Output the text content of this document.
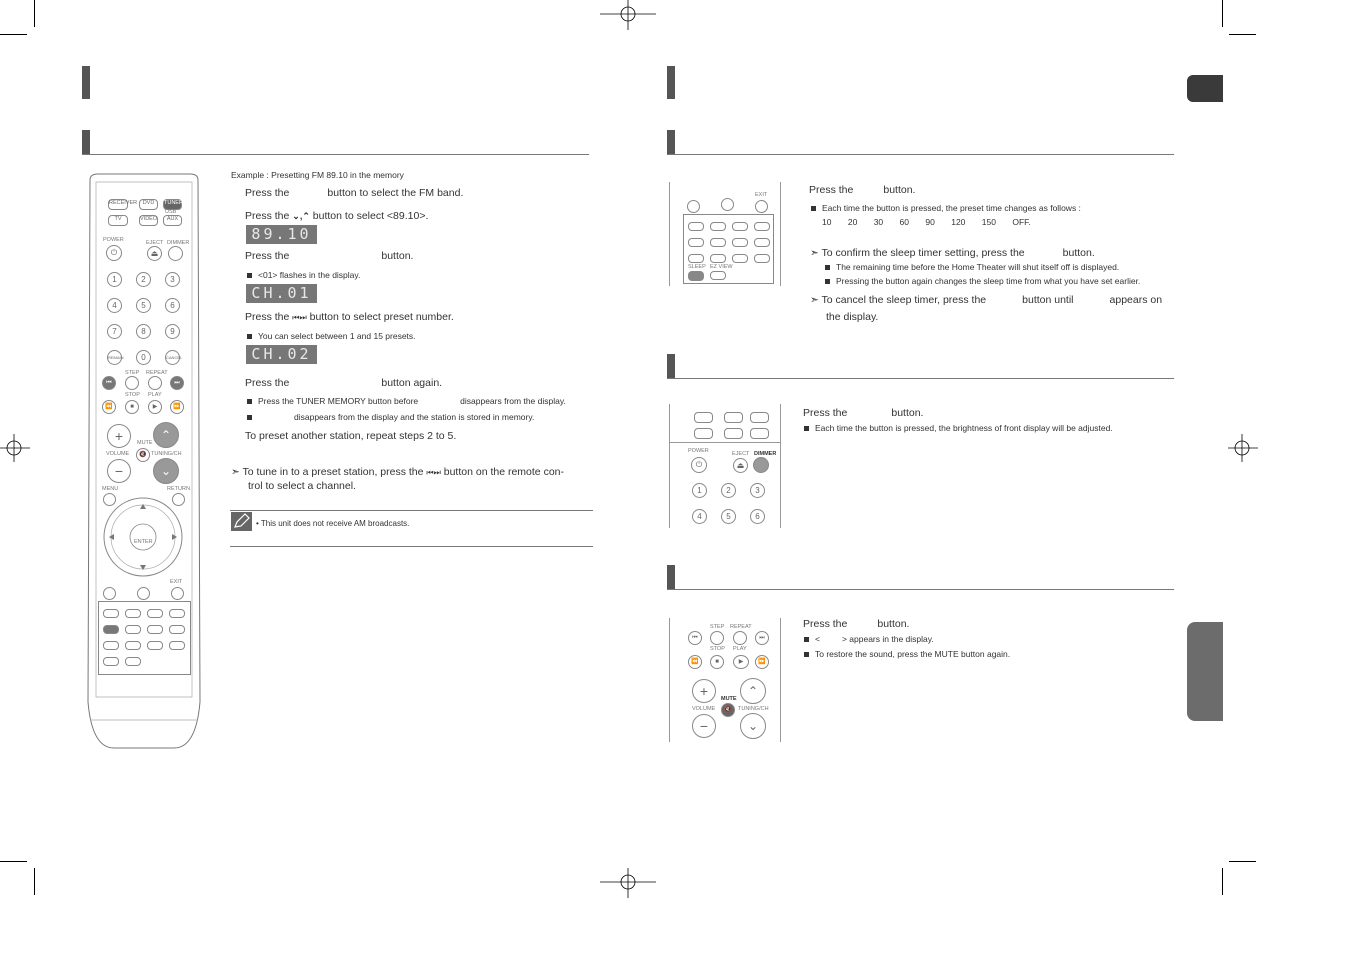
RECEIVER	DVD	TUNER
USB
TV	VIDEO	AUX
POWER	EJECT DIMMER
⏻	⏏
1	2	3
4	5	6
7	8	9
REMAIN	0	CANCEL
STEP REPEAT
⏮	⏭
STOP PLAY
⏪	■	▶	⏩
+	⌃
MUTE
🔇
VOLUME	TUNING/CH
−	⌄
MENU	RETURN
ENTER
EXIT
Example : Presetting FM 89.10 in the memory
Press the	button to select the FM band.
Press the ⌄,⌃ button to select <89.10>.
89.10
Press the	button.
<01> flashes in the display.
CH.01
Press the ⏮⏭ button to select preset number.
You can select between 1 and 15 presets.
CH.02
Press the	button again.
Press the TUNER MEMORY button before	disappears from the display.
disappears from the display and the station is stored in memory.
To preset another station, repeat steps 2 to 5.
➣ To tune in to a preset station, press the ⏮⏭ button on the remote con-
trol to select a channel.
• This unit does not receive AM broadcasts.
EXIT
SLEEP EZ VIEW
Press the	button.
Each time the button is pressed, the preset time changes as follows :
10 20 30 60 90 120 150 OFF.
➣ To confirm the sleep timer setting, press the	button.
The remaining time before the Home Theater will shut itself off is displayed.
Pressing the button again changes the sleep time from what you have set earlier.
➣ To cancel the sleep timer, press the	button until	appears on
the display.
POWER	EJECT DIMMER
⏻	⏏
1	2	3
4	5	6
Press the	button.
Each time the button is pressed, the brightness of front display will be adjusted.
STEP REPEAT
⏮	⏭
STOP PLAY
⏪	■	▶	⏩
+	⌃
MUTE
🔇
VOLUME	TUNING/CH
−	⌄
Press the	button.
<	> appears in the display.
To restore the sound, press the MUTE button again.
